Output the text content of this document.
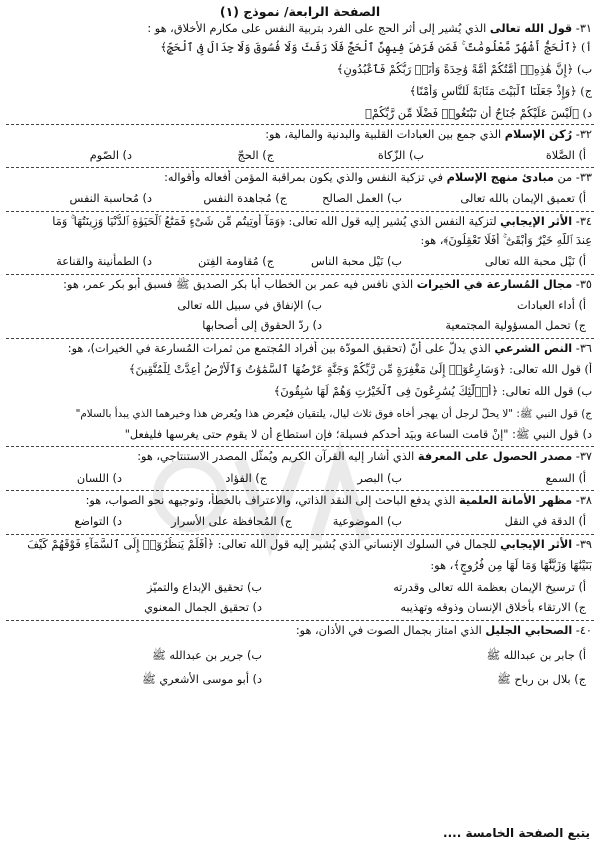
الصفحة الرابعة/ نموذج (١)
٣١- قول الله تعالى الذي يُشير إلى أثر الحج على الفرد بتربية النفس على مكارم الأخلاق، هو :
أ) ﴿ٱلْحَجُّ أَشْهُرٌ مَّعْلُومَٰتٌ ۚ فَمَن فَرَضَ فِيهِنَّ ٱلْحَجَّ فَلَا رَفَثَ وَلَا فُسُوقَ وَلَا جِدَالَ فِى ٱلْحَجِّ﴾
ب) ﴿إِنَّ هَٰذِهِۦٓ أُمَّتُكُمْ أُمَّةً وَٰحِدَةً وَأَنَا۠ رَبُّكُمْ فَٱعْبُدُونِ﴾
ج) ﴿وَإِذْ جَعَلْنَا ٱلْبَيْتَ مَثَابَةً لِّلنَّاسِ وَأَمْنًا﴾
د) ﴿لَيْسَ عَلَيْكُمْ جُنَاحٌ أَن تَبْتَغُوا۟ فَضْلًا مِّن رَّبِّكُمْ﴾
٣٢- رُكن الإسلام الذي جمع بين العبادات القلبية والبدنية والمالية، هو:
أ) الصَّلاة
ب) الزّكاة
ج) الحجّ
د) الصّوم
٣٣- من مبادئ منهج الإسلام في تزكية النفس والذي يكون بمراقبة المؤمن أفعاله وأقواله:
أ) تعميق الإيمان بالله تعالى
ب) العمل الصالح
ج) مُجاهدة النفس
د) مُحاسبة النفس
٣٤- الأثر الإيجابي لتزكية النفس الذي يُشير إليه قول الله تعالى: ﴿وَمَآ أُوتِيتُم مِّن شَىْءٍ فَمَتَٰعُ ٱلْحَيَوٰةِ ٱلدُّنْيَا وَزِينَتُهَا ۚ وَمَا
عِندَ ٱللَّهِ خَيْرٌ وَأَبْقَىٰٓ ۚ أَفَلَا تَعْقِلُونَ﴾، هو:
أ) نَيْل محبة الله تعالى
ب) نَيْل محبة الناس
ج) مُقاومة الفِتن
د) الطمأنينة والقناعة
٣٥- مجال المُسارعة في الخيرات الذي نافس فيه عمر بن الخطاب أبا بكر الصديق ﷺ فسبق أبو بكر عمر، هو:
أ) أداء العبادات
ب) الإنفاق في سبيل الله تعالى
ج) تحمل المسؤولية المجتمعية
د) ردّ الحقوق إلى أصحابها
٣٦- النص الشرعي الذي يدلّ على أنّ (تحقيق المودّة بين أفراد المُجتمع من ثمرات المُسارعة في الخيرات)، هو:
أ) قول الله تعالى: ﴿وَسَارِعُوٓا۟ إِلَىٰ مَغْفِرَةٍ مِّن رَّبِّكُمْ وَجَنَّةٍ عَرْضُهَا ٱلسَّمَٰوَٰتُ وَٱلْأَرْضُ أُعِدَّتْ لِلْمُتَّقِينَ﴾
ب) قول الله تعالى: ﴿أُو۟لَٰٓئِكَ يُسَٰرِعُونَ فِى ٱلْخَيْرَٰتِ وَهُمْ لَهَا سَٰبِقُونَ﴾
ج) قول النبي ﷺ: "لا يحلّ لرجل أن يهجر أخاه فوق ثلاث ليال، يلتقيان فيُعرض هذا ويُعرض هذا وخيرهما الذي يبدأ بالسلام"
د) قول النبي ﷺ: "إنْ قامت الساعة وبيَد أحدكم فسيلة؛ فإن استطاع أن لا يقوم حتى يغرسها فليفعل"
٣٧- مصدر الحصول على المعرفة الذي أشار إليه القرآن الكريم ويُمثّل المصدر الاستنتاجي، هو:
أ) السمع
ب) البصر
ج) الفؤاد
د) اللسان
٣٨- مظهر الأمانة العلمية الذي يدفع الباحث إلى النقد الذاتي، والاعتراف بالخطأ، وتوجيهه نحو الصواب، هو:
أ) الدقة في النقل
ب) الموضوعية
ج) المُحافظة على الأسرار
د) التواضع
٣٩- الأثر الإيجابي للجمال في السلوك الإنساني الذي يُشير إليه قول الله تعالى: ﴿أَفَلَمْ يَنظُرُوٓا۟ إِلَى ٱلسَّمَآءِ فَوْقَهُمْ كَيْفَ
بَنَيْنَٰهَا وَزَيَّنَّٰهَا وَمَا لَهَا مِن فُرُوجٍ﴾، هو:
أ) ترسيخ الإيمان بعظمة الله تعالى وقدرته
ب) تحقيق الإبداع والتميّز
ج) الارتقاء بأخلاق الإنسان وذوقه وتهذيبه
د) تحقيق الجمال المعنوي
٤٠- الصحابي الجليل الذي امتاز بجمال الصوت في الأذان، هو:
أ) جابر بن عبدالله ﷺ
ب) جرير بن عبدالله ﷺ
ج) بلال بن رباح ﷺ
د) أبو موسى الأشعري ﷺ
يتبع الصفحة الخامسة ....
